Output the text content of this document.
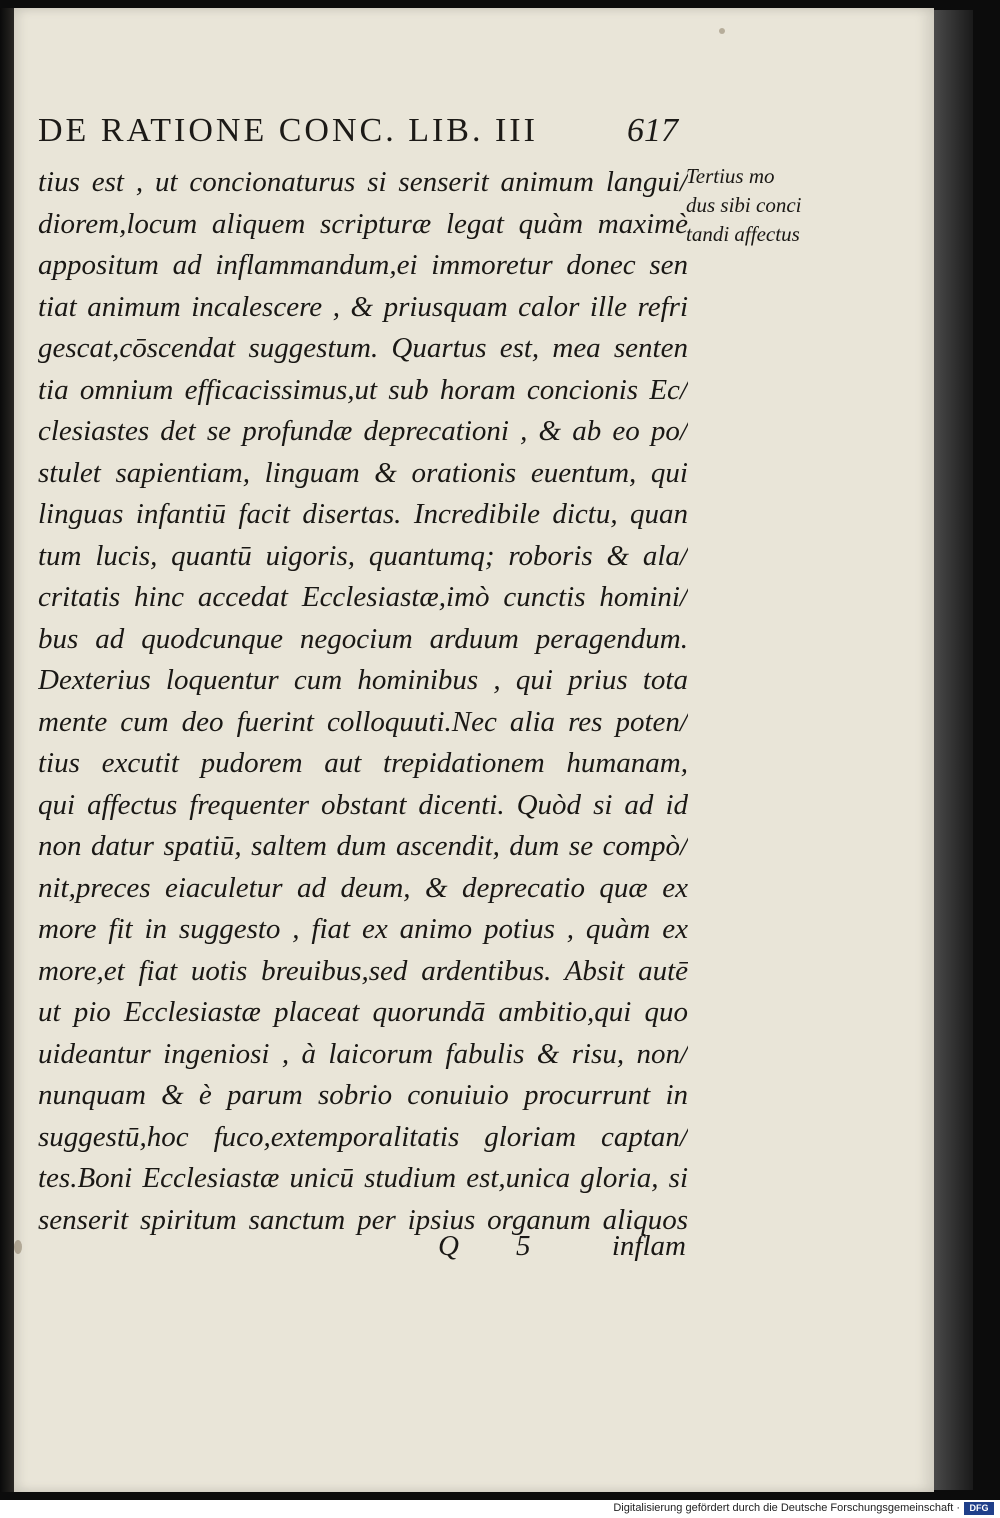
DE RATIONE CONC. LIB. III	617
tius est , ut concionaturus si senserit animum langui/
diorem,locum aliquem scripturæ legat quàm maximè
appositum ad inflammandum,ei immoretur donec sen
tiat animum incalescere , & priusquam calor ille refri
gescat,cōscendat suggestum. Quartus est, mea senten
tia omnium efficacissimus,ut sub horam concionis Ec/
clesiastes det se profundæ deprecationi , & ab eo po/
stulet sapientiam, linguam & orationis euentum, qui
linguas infantiū facit disertas. Incredibile dictu, quan
tum lucis, quantū uigoris, quantumq; roboris & ala/
critatis hinc accedat Ecclesiastæ,imò cunctis homini/
bus ad quodcunque negocium arduum peragendum.
Dexterius loquentur cum hominibus , qui prius tota
mente cum deo fuerint colloquuti.Nec alia res poten/
tius excutit pudorem aut trepidationem humanam,
qui affectus frequenter obstant dicenti. Quòd si ad id
non datur spatiū, saltem dum ascendit, dum se compò/
nit,preces eiaculetur ad deum, & deprecatio quæ ex
more fit in suggesto , fiat ex animo potius , quàm ex
more,et fiat uotis breuibus,sed ardentibus. Absit autē
ut pio Ecclesiastæ placeat quorundā ambitio,qui quo
uideantur ingeniosi , à laicorum fabulis & risu, non/
nunquam & è parum sobrio conuiuio procurrunt in
suggestū,hoc fuco,extemporalitatis gloriam captan/
tes.Boni Ecclesiastæ unicū studium est,unica gloria, si
senserit spiritum sanctum per ipsius organum aliquos
Tertius mo
dus sibi conci
tandi affectus
Q 5	inflam
Digitalisierung gefördert durch die Deutsche Forschungsgemeinschaft ·	DFG
